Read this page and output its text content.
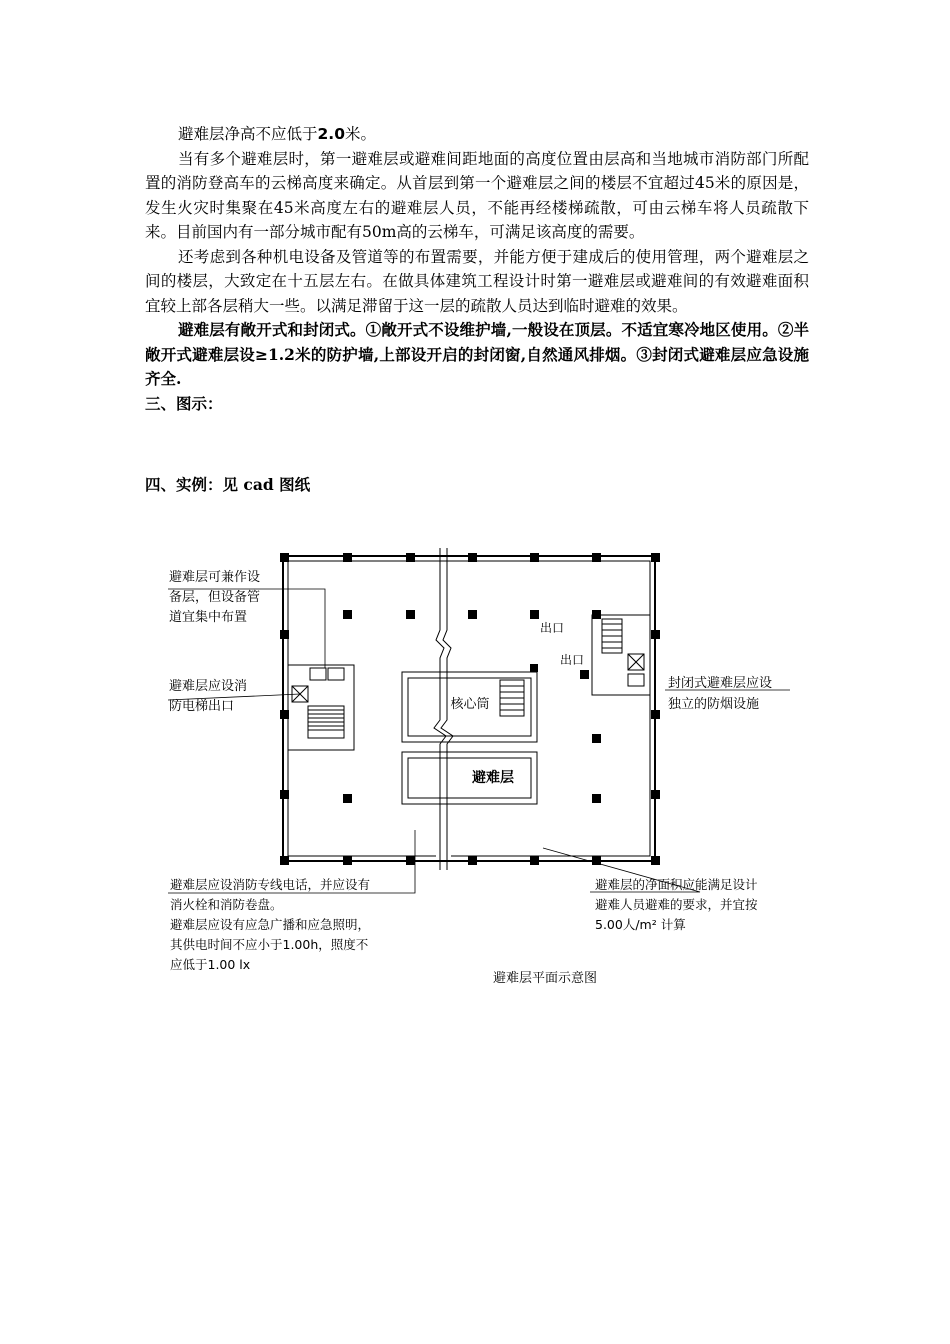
避难层净高不应低于2.0米。

当有多个避难层时，第一避难层或避难间距地面的高度位置由层高和当地城市消防部门所配置的消防登高车的云梯高度来确定。从首层到第一个避难层之间的楼层不宜超过45米的原因是，发生火灾时集聚在45米高度左右的避难层人员，不能再经楼梯疏散，可由云梯车将人员疏散下来。目前国内有一部分城市配有50m高的云梯车，可满足该高度的需要。

还考虑到各种机电设备及管道等的布置需要，并能方便于建成后的使用管理，两个避难层之间的楼层，大致定在十五层左右。在做具体建筑工程设计时第一避难层或避难间的有效避难面积宜较上部各层稍大一些。以满足滞留于这一层的疏散人员达到临时避难的效果。

避难层有敞开式和封闭式。①敞开式不设维护墙,一般设在顶层。不适宜寒冷地区使用。②半敞开式避难层设≥1.2米的防护墙,上部设开启的封闭窗,自然通风排烟。③封闭式避难层应急设施齐全.

三、图示：

四、实例：见 cad 图纸

核心筒
避难层
出口
出口
避难层可兼作设 备层，但设备管 道宜集中布置
避难层应设消 防电梯出口
封闭式避难层应设 独立的防烟设施
避难层应设消防专线电话，并应设有 消火栓和消防卷盘。 避难层应设有应急广播和应急照明， 其供电时间不应小于1.00h，照度不 应低于1.00 lx
避难层的净面积应能满足设计 避难人员避难的要求，并宜按 5.00人/m² 计算
避难层平面示意图
